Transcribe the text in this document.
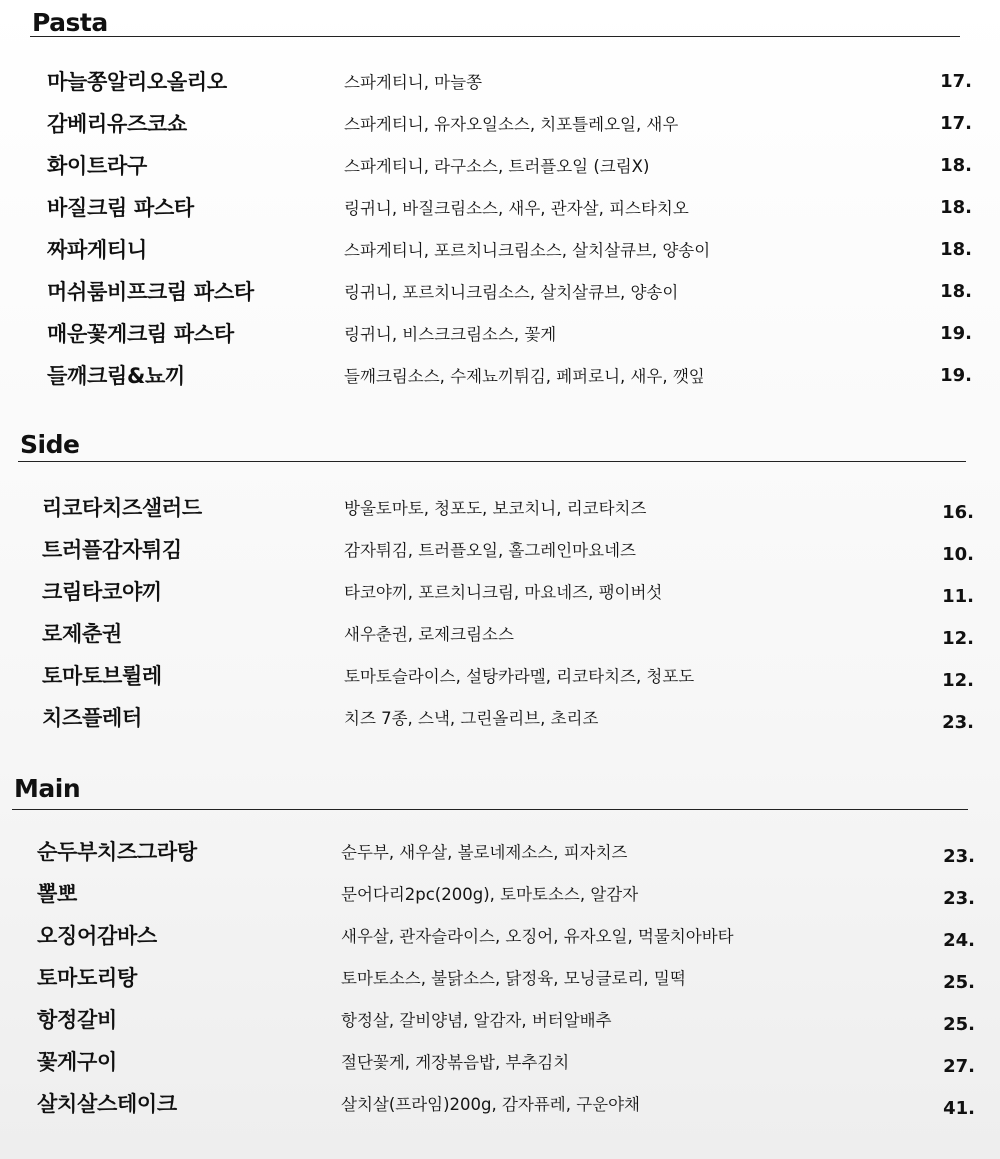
Pasta
마늘쫑알리오올리오	스파게티니, 마늘쫑	17.
감베리유즈코쇼	스파게티니, 유자오일소스, 치포틀레오일, 새우	17.
화이트라구	스파게티니, 라구소스, 트러플오일 (크림X)	18.
바질크림 파스타	링귀니, 바질크림소스, 새우, 관자살, 피스타치오	18.
짜파게티니	스파게티니, 포르치니크림소스, 살치살큐브, 양송이	18.
머쉬룸비프크림 파스타	링귀니, 포르치니크림소스, 살치살큐브, 양송이	18.
매운꽃게크림 파스타	링귀니, 비스크크림소스, 꽃게	19.
들깨크림&뇨끼	들깨크림소스, 수제뇨끼튀김, 페퍼로니, 새우, 깻잎	19.
Side
리코타치즈샐러드	방울토마토, 청포도, 보코치니, 리코타치즈	16.
트러플감자튀김	감자튀김, 트러플오일, 홀그레인마요네즈	10.
크림타코야끼	타코야끼, 포르치니크림, 마요네즈, 팽이버섯	11.
로제춘권	새우춘권, 로제크림소스	12.
토마토브륄레	토마토슬라이스, 설탕카라멜, 리코타치즈, 청포도	12.
치즈플레터	치즈 7종, 스낵, 그린올리브, 초리조	23.
Main
순두부치즈그라탕	순두부, 새우살, 볼로네제소스, 피자치즈	23.
뽈뽀	문어다리2pc(200g), 토마토소스, 알감자	23.
오징어감바스	새우살, 관자슬라이스, 오징어, 유자오일, 먹물치아바타	24.
토마도리탕	토마토소스, 불닭소스, 닭정육, 모닝글로리, 밀떡	25.
항정갈비	항정살, 갈비양념, 알감자, 버터알배추	25.
꽃게구이	절단꽃게, 게장볶음밥, 부추김치	27.
살치살스테이크	살치살(프라임)200g, 감자퓨레, 구운야채	41.
